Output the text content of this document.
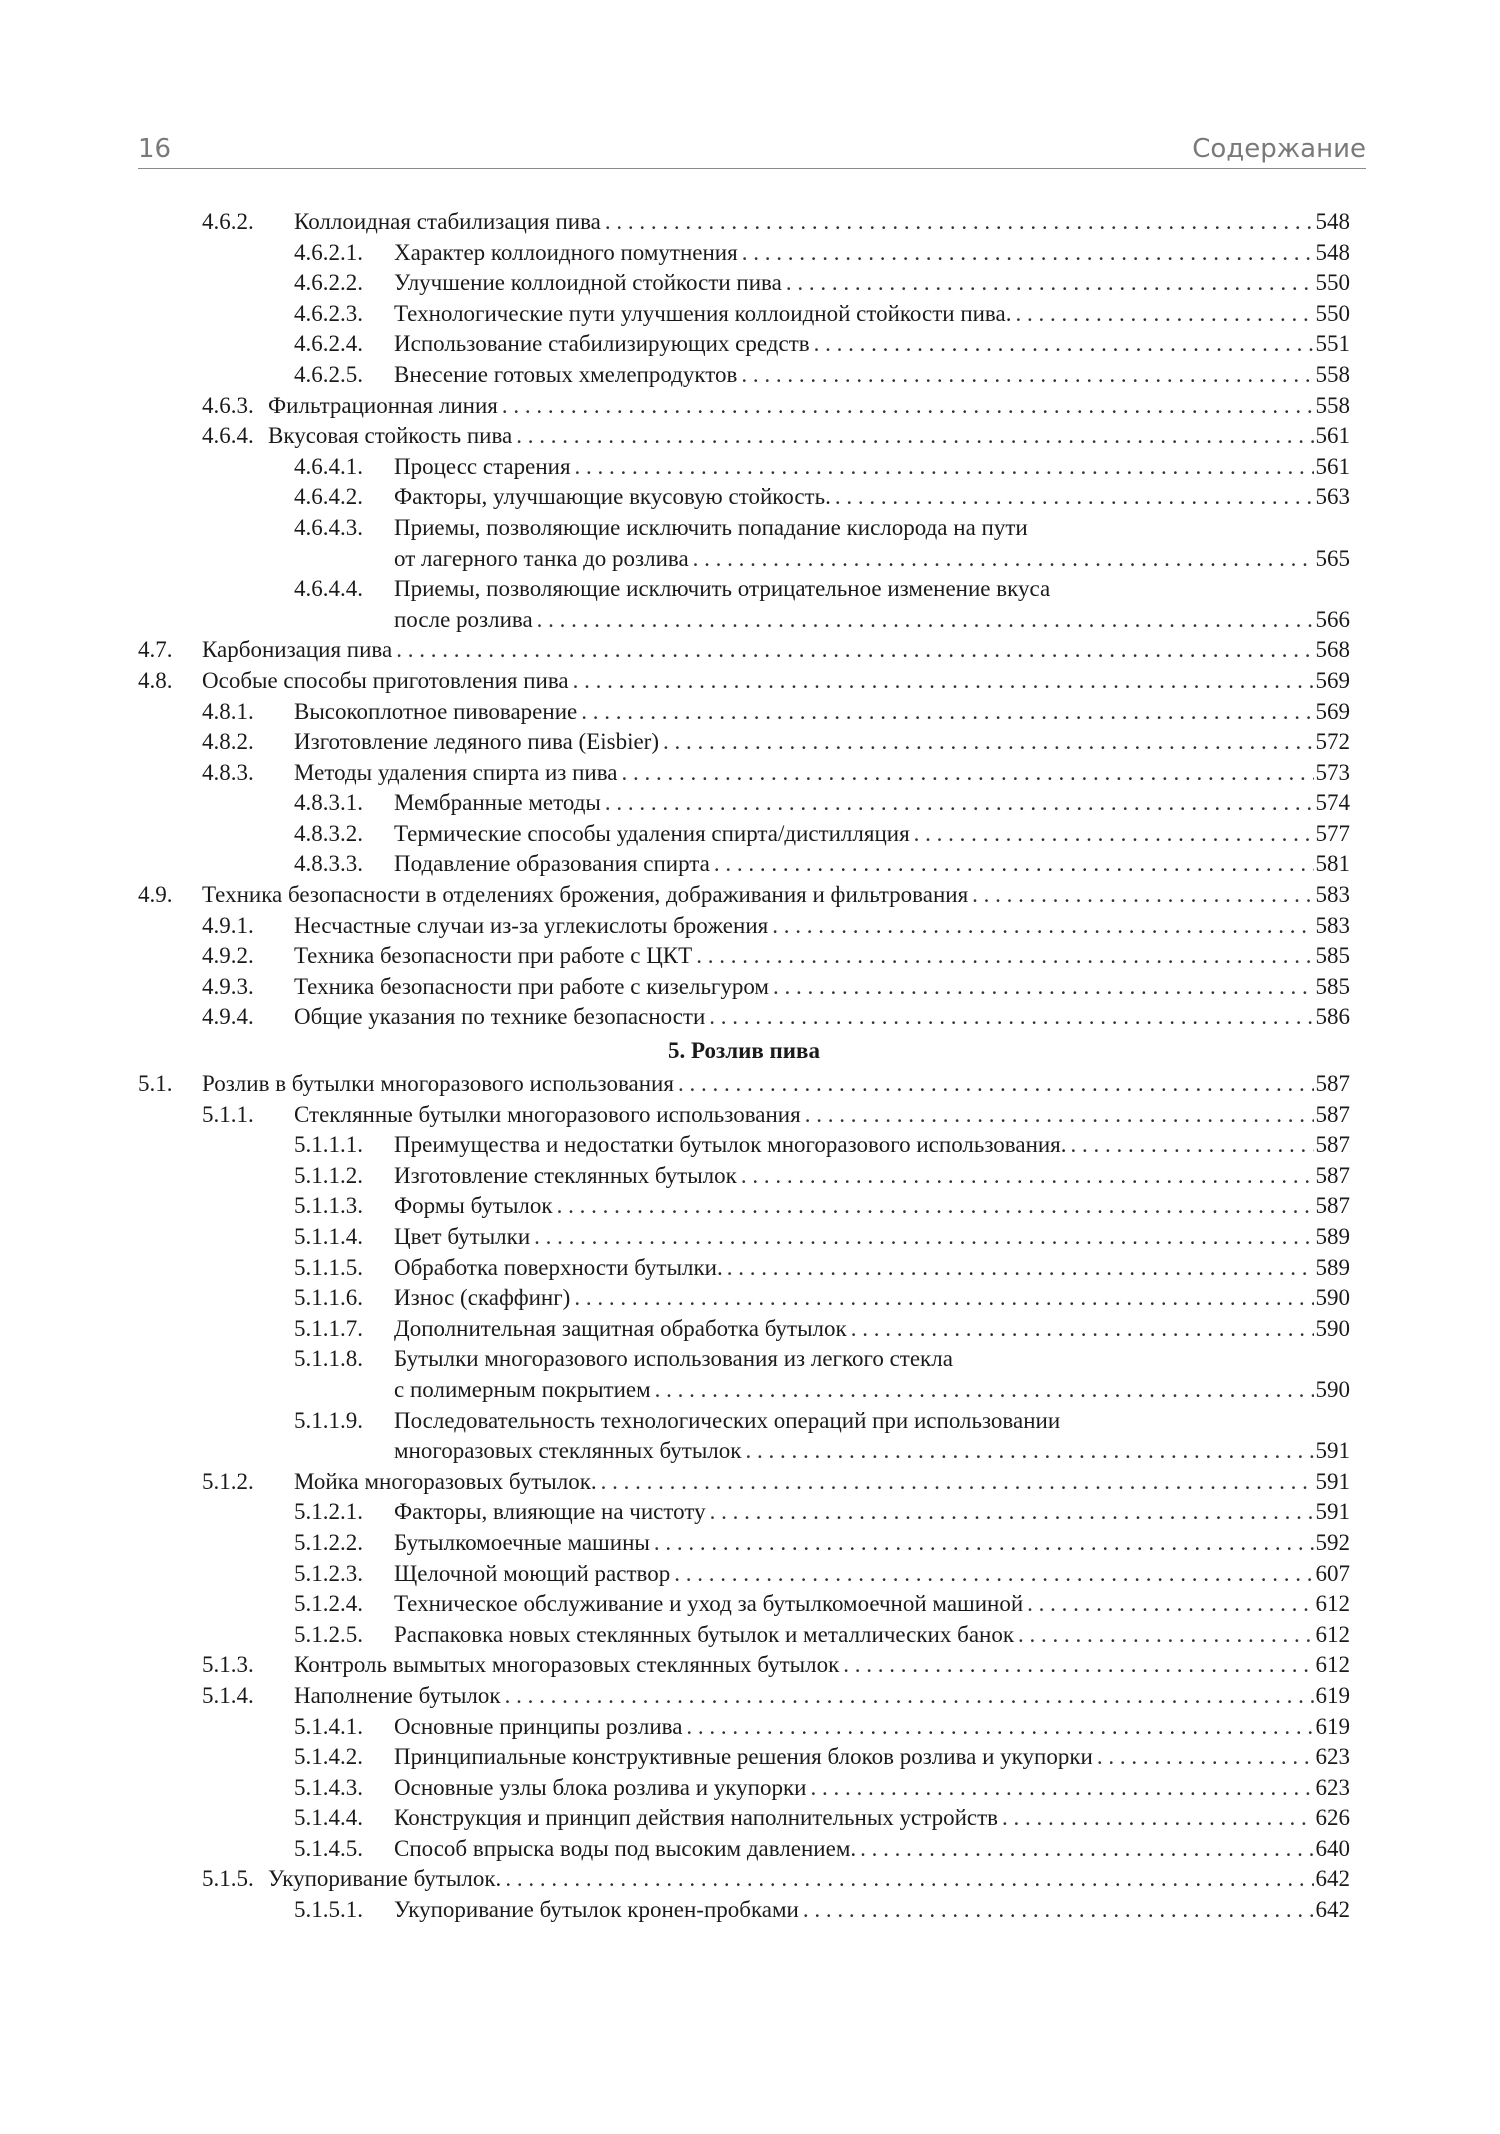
16	Содержание
4.6.2. Коллоидная стабилизация пива . . .	548
4.6.2.1. Характер коллоидного помутнения . . .	548
4.6.2.2. Улучшение коллоидной стойкости пива . . .	550
4.6.2.3. Технологические пути улучшения коллоидной стойкости пива. . . .	550
4.6.2.4. Использование стабилизирующих средств . . .	551
4.6.2.5. Внесение готовых хмелепродуктов . . .	558
4.6.3. Фильтрационная линия . . .	558
4.6.4. Вкусовая стойкость пива . . .	561
4.6.4.1. Процесс старения . . .	561
4.6.4.2. Факторы, улучшающие вкусовую стойкость. . . .	563
4.6.4.3. Приемы, позволяющие исключить попадание кислорода на пути
от лагерного танка до розлива . . .	565
4.6.4.4. Приемы, позволяющие исключить отрицательное изменение вкуса
после розлива . . .	566
4.7. Карбонизация пива . . .	568
4.8. Особые способы приготовления пива . . .	569
4.8.1. Высокоплотное пивоварение . . .	569
4.8.2. Изготовление ледяного пива (Eisbier) . . .	572
4.8.3. Методы удаления спирта из пива . . .	573
4.8.3.1. Мембранные методы . . .	574
4.8.3.2. Термические способы удаления спирта/дистилляция . . .	577
4.8.3.3. Подавление образования спирта . . .	581
4.9. Техника безопасности в отделениях брожения, дображивания и фильтрования . . .	583
4.9.1. Несчастные случаи из-за углекислоты брожения . . .	583
4.9.2. Техника безопасности при работе с ЦКТ . . .	585
4.9.3. Техника безопасности при работе с кизельгуром . . .	585
4.9.4. Общие указания по технике безопасности . . .	586
5. Розлив пива
5.1. Розлив в бутылки многоразового использования . . .	587
5.1.1. Стеклянные бутылки многоразового использования . . .	587
5.1.1.1. Преимущества и недостатки бутылок многоразового использования. . . .	587
5.1.1.2. Изготовление стеклянных бутылок . . .	587
5.1.1.3. Формы бутылок . . .	587
5.1.1.4. Цвет бутылки . . .	589
5.1.1.5. Обработка поверхности бутылки. . . .	589
5.1.1.6. Износ (скаффинг) . . .	590
5.1.1.7. Дополнительная защитная обработка бутылок . . .	590
5.1.1.8. Бутылки многоразового использования из легкого стекла
с полимерным покрытием . . .	590
5.1.1.9. Последовательность технологических операций при использовании
многоразовых стеклянных бутылок . . .	591
5.1.2. Мойка многоразовых бутылок. . . .	591
5.1.2.1. Факторы, влияющие на чистоту . . .	591
5.1.2.2. Бутылкомоечные машины . . .	592
5.1.2.3. Щелочной моющий раствор . . .	607
5.1.2.4. Техническое обслуживание и уход за бутылкомоечной машиной . . .	612
5.1.2.5. Распаковка новых стеклянных бутылок и металлических банок . . .	612
5.1.3. Контроль вымытых многоразовых стеклянных бутылок . . .	612
5.1.4. Наполнение бутылок . . .	619
5.1.4.1. Основные принципы розлива . . .	619
5.1.4.2. Принципиальные конструктивные решения блоков розлива и укупорки . . .	623
5.1.4.3. Основные узлы блока розлива и укупорки . . .	623
5.1.4.4. Конструкция и принцип действия наполнительных устройств . . .	626
5.1.4.5. Способ впрыска воды под высоким давлением. . . .	640
5.1.5. Укупоривание бутылок. . . .	642
5.1.5.1. Укупоривание бутылок кронен-пробками . . .	642
